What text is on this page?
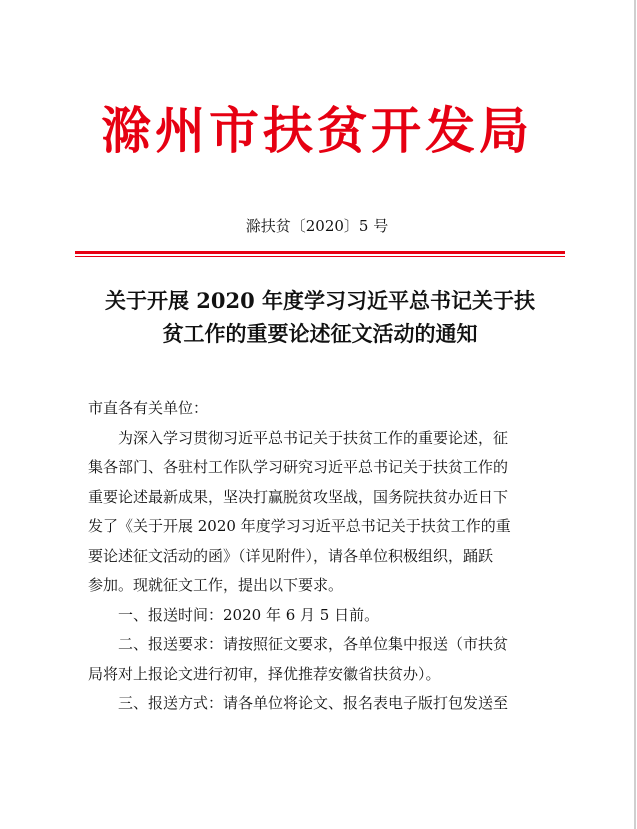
滁州市扶贫开发局
滁扶贫〔2020〕5 号
关于开展 2020 年度学习习近平总书记关于扶
贫工作的重要论述征文活动的通知

市直各有关单位：

为深入学习贯彻习近平总书记关于扶贫工作的重要论述，征

集各部门、各驻村工作队学习研究习近平总书记关于扶贫工作的

重要论述最新成果，坚决打赢脱贫攻坚战，国务院扶贫办近日下

发了《关于开展 2020 年度学习习近平总书记关于扶贫工作的重

要论述征文活动的函》（详见附件），请各单位积极组织，踊跃

参加。现就征文工作，提出以下要求。

一、报送时间：2020 年 6 月 5 日前。

二、报送要求：请按照征文要求，各单位集中报送（市扶贫

局将对上报论文进行初审，择优推荐安徽省扶贫办）。

三、报送方式：请各单位将论文、报名表电子版打包发送至
